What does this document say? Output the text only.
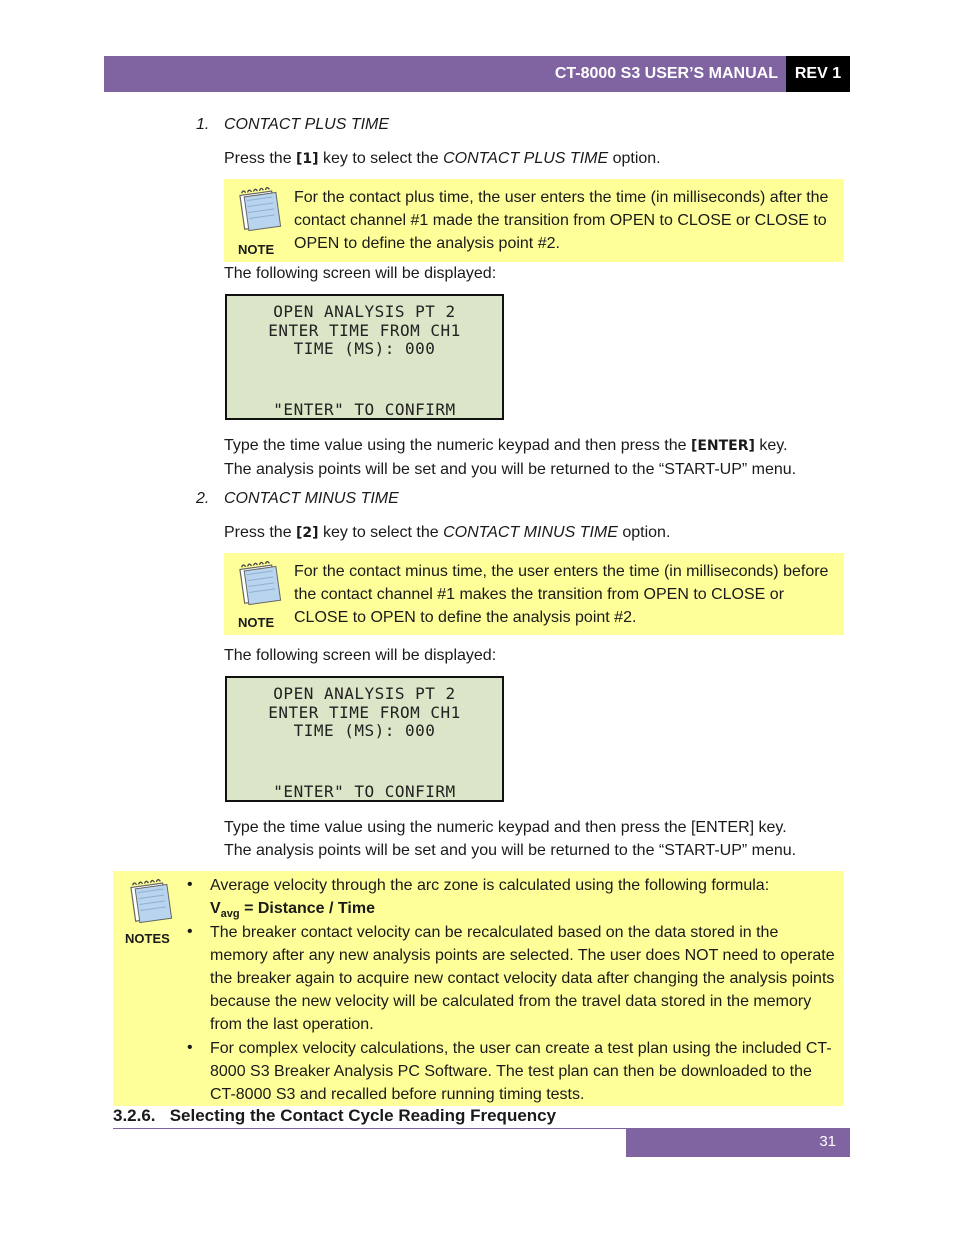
CT-8000 S3 USER’S MANUAL	REV 1
1. CONTACT PLUS TIME
Press the [1] key to select the CONTACT PLUS TIME option.
NOTE
For the contact plus time, the user enters the time (in milliseconds) after the contact channel #1 made the transition from OPEN to CLOSE or CLOSE to OPEN to define the analysis point #2.
The following screen will be displayed:
OPEN ANALYSIS PT 2
ENTER TIME FROM CH1
TIME (MS): 000
"ENTER" TO CONFIRM
Type the time value using the numeric keypad and then press the [ENTER] key.
The analysis points will be set and you will be returned to the “START-UP” menu.
2. CONTACT MINUS TIME
Press the [2] key to select the CONTACT MINUS TIME option.
NOTE
For the contact minus time, the user enters the time (in milliseconds) before the contact channel #1 makes the transition from OPEN to CLOSE or CLOSE to OPEN to define the analysis point #2.
The following screen will be displayed:
OPEN ANALYSIS PT 2
ENTER TIME FROM CH1
TIME (MS): 000
"ENTER" TO CONFIRM
Type the time value using the numeric keypad and then press the [ENTER] key.
The analysis points will be set and you will be returned to the “START-UP” menu.
NOTES
• Average velocity through the arc zone is calculated using the following formula:
$V_{avg}$ = Distance / Time
• The breaker contact velocity can be recalculated based on the data stored in the memory after any new analysis points are selected. The user does NOT need to operate the breaker again to acquire new contact velocity data after changing the analysis points because the new velocity will be calculated from the travel data stored in the memory from the last operation.
• For complex velocity calculations, the user can create a test plan using the included CT-8000 S3 Breaker Analysis PC Software. The test plan can then be downloaded to the CT-8000 S3 and recalled before running timing tests.
3.2.6.   Selecting the Contact Cycle Reading Frequency
31
